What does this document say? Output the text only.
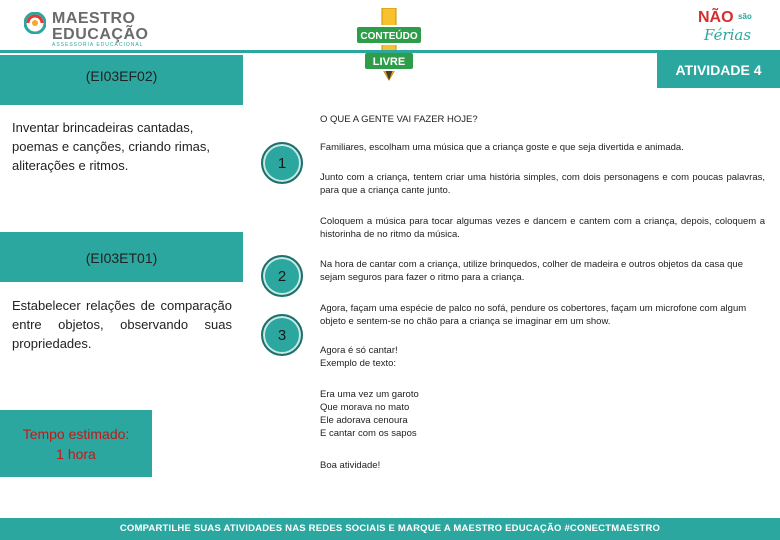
MAESTRO
EDUCAÇÃO
ASSESSORIA EDUCACIONAL
CONTEÚDO
LIVRE
NÃO são
Férias
(EI03EF02)
Inventar brincadeiras cantadas, poemas e canções, criando rimas, aliterações e ritmos.
(EI03ET01)
Estabelecer relações de comparação entre objetos, observando suas propriedades.
Tempo estimado:
1 hora
ATIVIDADE 4
O QUE A GENTE VAI FAZER HOJE?
1
2
3
Familiares, escolham uma música que a criança goste e que seja divertida e animada.
Junto com a criança, tentem criar uma história simples, com dois personagens e com poucas palavras, para que a criança cante junto.
Coloquem a música para tocar algumas vezes e dancem e cantem com a criança, depois, coloquem a historinha de no ritmo da música.
Na hora de cantar com a criança, utilize brinquedos, colher de madeira e outros objetos da casa que sejam seguros para fazer o ritmo para a criança.
Agora, façam uma espécie de palco no sofá, pendure os cobertores, façam um microfone com algum objeto e sentem-se no chão para a criança se imaginar em um show.
Agora é só cantar!
Exemplo de texto:
Era uma vez um garoto
Que morava no mato
Ele adorava cenoura
E cantar com os sapos
Boa atividade!
COMPARTILHE SUAS ATIVIDADES NAS REDES SOCIAIS E MARQUE A MAESTRO EDUCAÇÃO #CONECTMAESTRO
